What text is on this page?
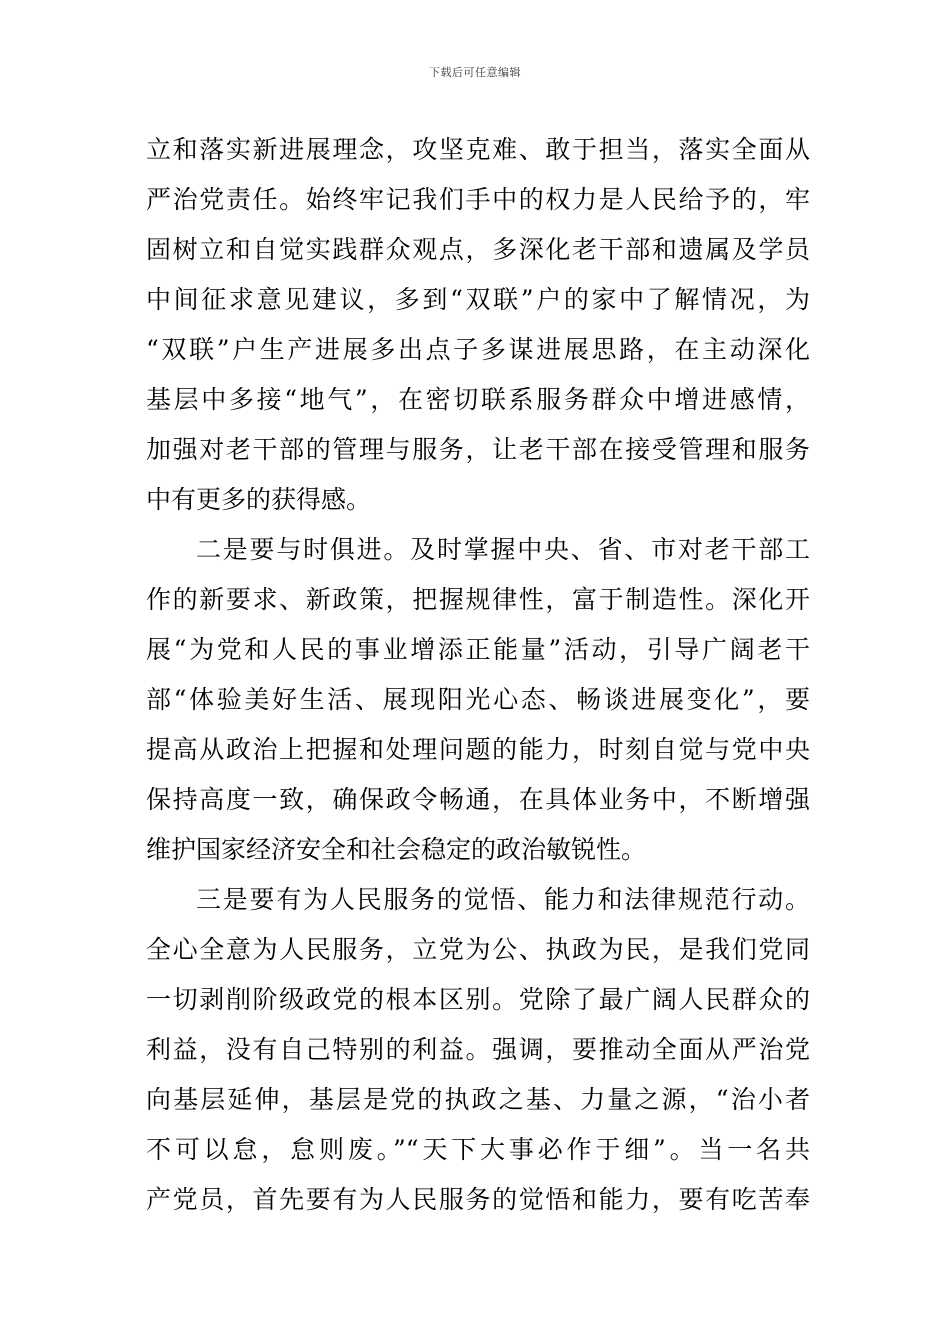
下载后可任意编辑
立和落实新进展理念，攻坚克难、敢于担当，落实全面从
严治党责任。始终牢记我们手中的权力是人民给予的，牢
固树立和自觉实践群众观点，多深化老干部和遗属及学员
中间征求意见建议，多到“双联”户的家中了解情况，为
“双联”户生产进展多出点子多谋进展思路，在主动深化
基层中多接“地气”，在密切联系服务群众中增进感情，
加强对老干部的管理与服务，让老干部在接受管理和服务
中有更多的获得感。
二是要与时俱进。及时掌握中央、省、市对老干部工
作的新要求、新政策，把握规律性，富于制造性。深化开
展“为党和人民的事业增添正能量”活动，引导广阔老干
部“体验美好生活、展现阳光心态、畅谈进展变化”，要
提高从政治上把握和处理问题的能力，时刻自觉与党中央
保持高度一致，确保政令畅通，在具体业务中，不断增强
维护国家经济安全和社会稳定的政治敏锐性。
三是要有为人民服务的觉悟、能力和法律规范行动。
全心全意为人民服务，立党为公、执政为民，是我们党同
一切剥削阶级政党的根本区别。党除了最广阔人民群众的
利益，没有自己特别的利益。强调，要推动全面从严治党
向基层延伸，基层是党的执政之基、力量之源，“治小者
不可以怠，怠则废。”“天下大事必作于细”。当一名共
产党员，首先要有为人民服务的觉悟和能力，要有吃苦奉
